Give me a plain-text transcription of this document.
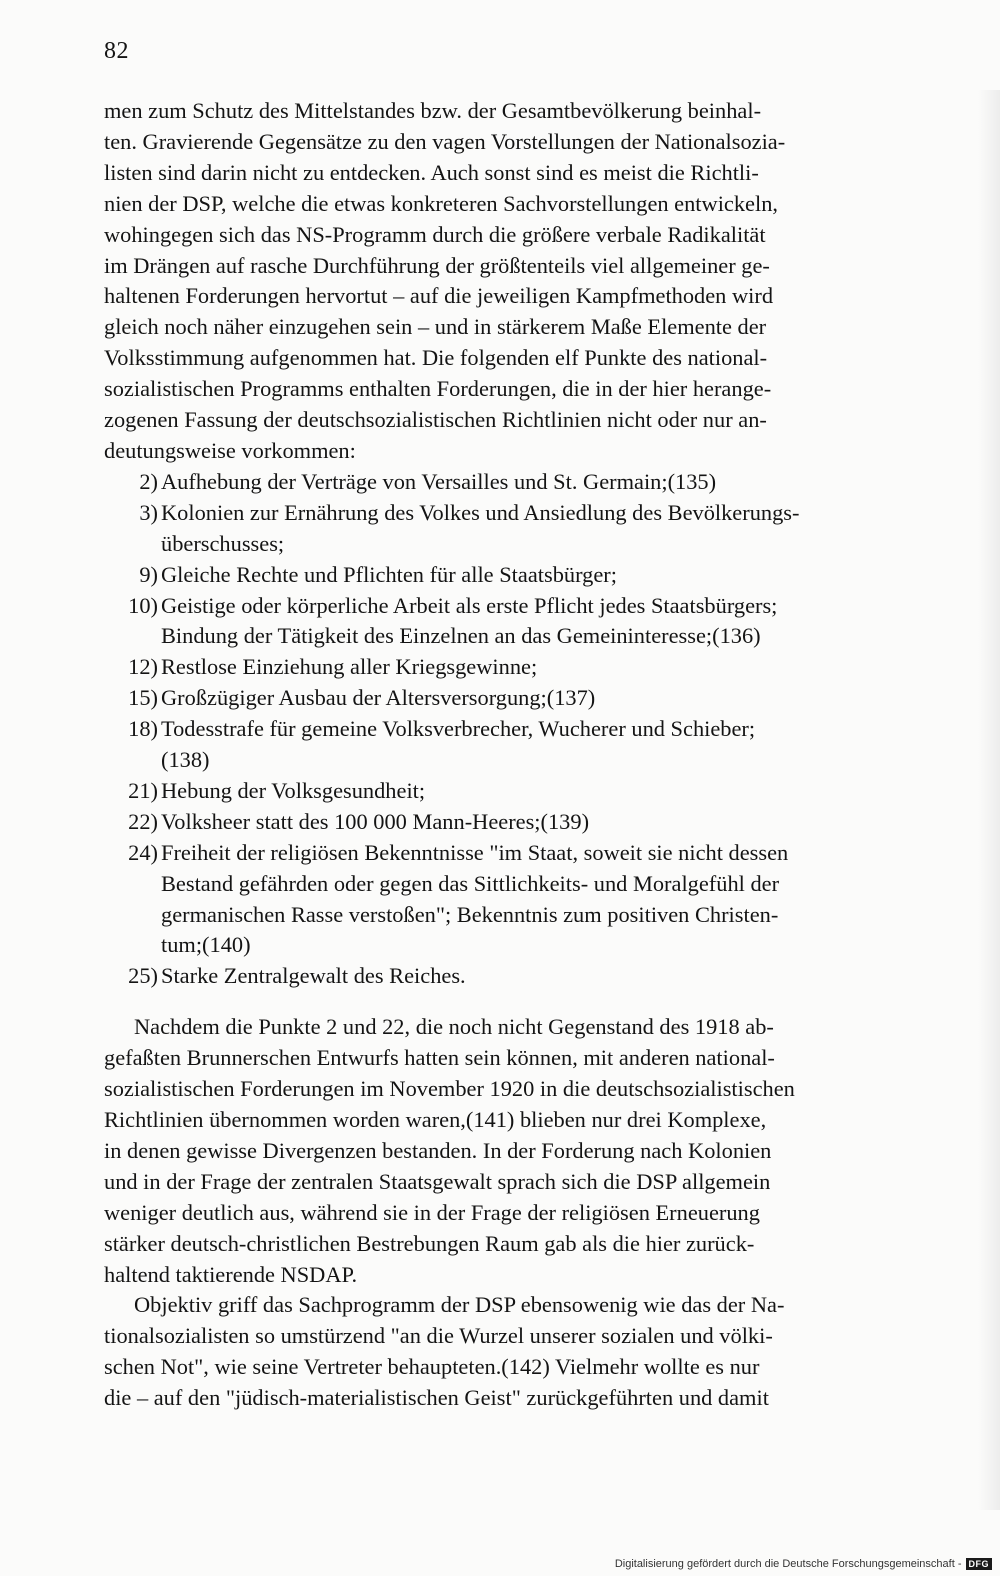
82

men zum Schutz des Mittelstandes bzw. der Gesamtbevölkerung beinhal-
ten. Gravierende Gegensätze zu den vagen Vorstellungen der Nationalsozia-
listen sind darin nicht zu entdecken. Auch sonst sind es meist die Richtli-
nien der DSP, welche die etwas konkreteren Sachvorstellungen entwickeln,
wohingegen sich das NS-Programm durch die größere verbale Radikalität
im Drängen auf rasche Durchführung der größtenteils viel allgemeiner ge-
haltenen Forderungen hervortut – auf die jeweiligen Kampfmethoden wird
gleich noch näher einzugehen sein – und in stärkerem Maße Elemente der
Volksstimmung aufgenommen hat. Die folgenden elf Punkte des national-
sozialistischen Programms enthalten Forderungen, die in der hier herange-
zogenen Fassung der deutschsozialistischen Richtlinien nicht oder nur an-
deutungsweise vorkommen:

2) Aufhebung der Verträge von Versailles und St. Germain;(135)
3) Kolonien zur Ernährung des Volkes und Ansiedlung des Bevölkerungs-
überschusses;
9) Gleiche Rechte und Pflichten für alle Staatsbürger;
10) Geistige oder körperliche Arbeit als erste Pflicht jedes Staatsbürgers;
Bindung der Tätigkeit des Einzelnen an das Gemeininteresse;(136)
12) Restlose Einziehung aller Kriegsgewinne;
15) Großzügiger Ausbau der Altersversorgung;(137)
18) Todesstrafe für gemeine Volksverbrecher, Wucherer und Schieber;
(138)
21) Hebung der Volksgesundheit;
22) Volksheer statt des 100 000 Mann-Heeres;(139)
24) Freiheit der religiösen Bekenntnisse "im Staat, soweit sie nicht dessen
Bestand gefährden oder gegen das Sittlichkeits- und Moralgefühl der
germanischen Rasse verstoßen"; Bekenntnis zum positiven Christen-
tum;(140)
25) Starke Zentralgewalt des Reiches.

Nachdem die Punkte 2 und 22, die noch nicht Gegenstand des 1918 ab-
gefaßten Brunnerschen Entwurfs hatten sein können, mit anderen national-
sozialistischen Forderungen im November 1920 in die deutschsozialistischen
Richtlinien übernommen worden waren,(141) blieben nur drei Komplexe,
in denen gewisse Divergenzen bestanden. In der Forderung nach Kolonien
und in der Frage der zentralen Staatsgewalt sprach sich die DSP allgemein
weniger deutlich aus, während sie in der Frage der religiösen Erneuerung
stärker deutsch-christlichen Bestrebungen Raum gab als die hier zurück-
haltend taktierende NSDAP.

Objektiv griff das Sachprogramm der DSP ebensowenig wie das der Na-
tionalsozialisten so umstürzend "an die Wurzel unserer sozialen und völki-
schen Not", wie seine Vertreter behaupteten.(142) Vielmehr wollte es nur
die – auf den "jüdisch-materialistischen Geist" zurückgeführten und damit

Digitalisierung gefördert durch die Deutsche Forschungsgemeinschaft - DFG
